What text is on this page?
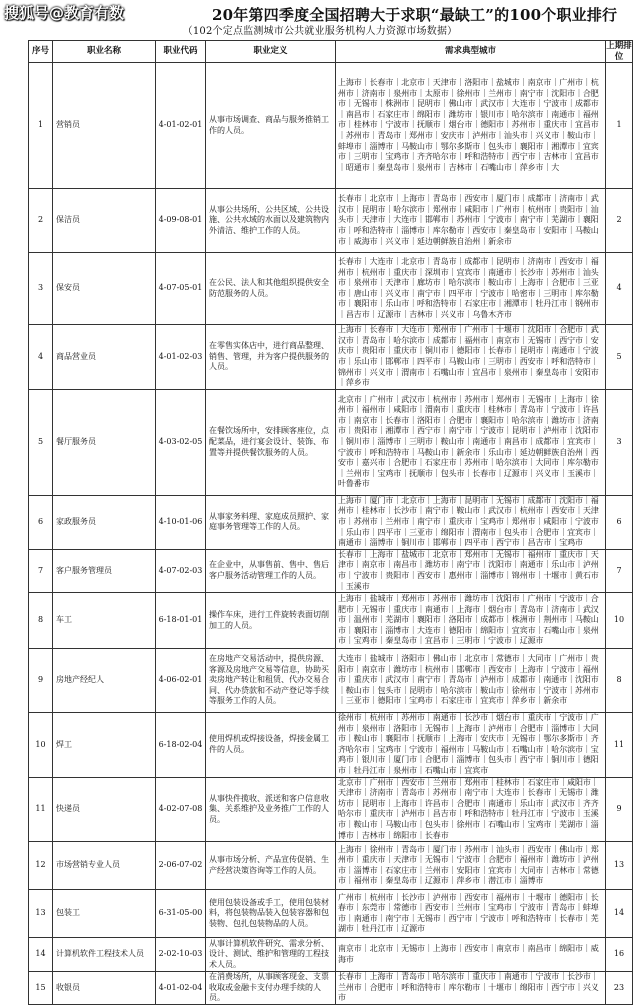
20年第四季度全国招聘大于求职“最缺工”的100个职业排行
搜狐号@教育有数
（102个定点监测城市公共就业服务机构人力资源市场数据）
序号	职业名称	职业代码	职业定义	需求典型城市	上期排位
1	营销员	4-01-02-01	从事市场调查、商品与服务推销工作的人员。	上海市｜长春市｜北京市｜天津市｜洛阳市｜盐城市｜南京市｜广州市｜杭州市｜济南市｜泉州市｜太原市｜徐州市｜兰州市｜南宁市｜沈阳市｜合肥市｜无锡市｜株洲市｜昆明市｜佛山市｜武汉市｜大连市｜宁波市｜成都市｜南昌市｜石家庄市｜绵阳市｜潍坊市｜银川市｜哈尔滨市｜南通市｜福州市｜桂林市｜宁波市｜抚顺市｜烟台市｜德阳市｜苏州市｜重庆市｜宜昌市｜苏州市｜青岛市｜郑州市｜安庆市｜泸州市｜汕头市｜兴义市｜鞍山市｜蚌埠市｜淄博市｜马鞍山市｜鄂尔多斯市｜包头市｜襄阳市｜湘潭市｜宜宾市｜三明市｜宝鸡市｜齐齐哈尔市｜呼和浩特市｜西宁市｜吉林市｜宜昌市｜昭通市｜秦皇岛市｜泉州市｜吉林市｜石嘴山市｜萍乡市｜大	1
2	保洁员	4-09-08-01	从事公共场所、公共区域、公共设施、公共水域的水面以及建筑物内外清洁、维护工作的人员。	长春市｜北京市｜上海市｜青岛市｜西安市｜厦门市｜成都市｜济南市｜武汉市｜昆明市｜哈尔滨市｜郑州市｜咸阳市｜广州市｜杭州市｜贵阳市｜汕头市｜天津市｜大连市｜邯郸市｜苏州市｜宁波市｜南宁市｜芜湖市｜襄阳市｜呼和浩特市｜淄博市｜库尔勒市｜西安市｜秦皇岛市｜安阳市｜马鞍山市｜威海市｜兴义市｜延边朝鲜族自治州｜新余市	2
3	保安员	4-07-05-01	在公民、法人和其他组织提供安全防范服务的人员。	长春市｜大连市｜北京市｜青岛市｜成都市｜昆明市｜济南市｜西安市｜福州市｜杭州市｜重庆市｜深圳市｜宜宾市｜南通市｜长沙市｜苏州市｜汕头市｜泉州市｜天津市｜廊坊市｜哈尔滨市｜鞍山市｜上海市｜合肥市｜三亚市｜唐山市｜兴义市｜南宁市｜四平市｜宁波市｜哈密市｜三明市｜库尔勒市｜襄阳市｜乐山市｜呼和浩特市｜石家庄市｜湘潭市｜牡丹江市｜钢州市｜昌吉市｜辽源市｜吉林市｜兴义市｜乌鲁木齐市	4
4	商品营业员	4-01-02-03	在零售实体店中，进行商品整理、销售、管理，并为客户提供服务的人员。	上海市｜长春市｜大连市｜郑州市｜广州市｜十堰市｜沈阳市｜合肥市｜武汉市｜青岛市｜哈尔滨市｜成都市｜福州市｜南京市｜无锡市｜西宁市｜安庆市｜贵阳市｜重庆市｜铜川市｜德阳市｜长春市｜昆明市｜南通市｜宁波市｜乐山市｜邯郸市｜四平市｜马鞍山市｜三明市｜西安市｜呼和浩特市｜锦州市｜兴义市｜渭南市｜石嘴山市｜宜昌市｜泉州市｜秦皇岛市｜安阳市｜萍乡市	5
5	餐厅服务员	4-03-02-05	在餐饮场所中，安排顾客座位，点配菜品，进行宴会设计、装饰、布置等并提供餐饮服务的人员。	北京市｜广州市｜武汉市｜杭州市｜苏州市｜郑州市｜无锡市｜上海市｜徐州市｜福州市｜咸阳市｜渭南市｜重庆市｜桂林市｜青岛市｜宁波市｜许昌市｜南京市｜长春市｜洛阳市｜合肥市｜襄阳市｜哈尔滨市｜潍坊市｜济南市｜贵阳市｜湘潭市｜西宁市｜南宁市｜宁波市｜昆明市｜泸州市｜沈阳市｜铜川市｜淄博市｜三明市｜鞍山市｜南通市｜南昌市｜成都市｜宜宾市｜宁波市｜呼和浩特市｜马鞍山市｜新余市｜乐山市｜延边朝鲜族自治州｜西安市｜嘉兴市｜合肥市｜石家庄市｜苏州市｜哈尔滨市｜大同市｜库尔勒市｜兰州市｜宝鸡市｜抚顺市｜包头市｜长春市｜辽源市｜兴义市｜玉溪市｜叶鲁番市	3
6	家政服务员	4-10-01-06	从事家务料理、家庭成员照护、家庭事务管理等工作的人员。	上海市｜厦门市｜北京市｜上海市｜昆明市｜无锡市｜成都市｜沈阳市｜福州市｜桂林市｜长沙市｜南宁市｜鞍山市｜武汉市｜杭州市｜西安市｜天津市｜苏州市｜兰州市｜南宁市｜重庆市｜宝鸡市｜郑州市｜咸阳市｜宁波市｜乐山市｜四平市｜三亚市｜绵阳市｜渭南市｜包头市｜合肥市｜宜宾市｜南通市｜淄博市｜铜川市｜邯郸市｜四平市｜西宁市｜昌吉市｜宝鸡市	6
7	客户服务管理员	4-07-02-03	在企业中，从事售前、售中、售后客户服务活动管理工作的人员。	长春市｜上海市｜盐城市｜北京市｜郑州市｜无锡市｜福州市｜重庆市｜天津市｜南京市｜南昌市｜潍坊市｜南宁市｜沈阳市｜南通市｜乐山市｜泸州市｜宁波市｜贵阳市｜西安市｜惠州市｜淄博市｜锦州市｜十堰市｜黄石市｜玉溪市	7
8	车工	6-18-01-01	操作车床，进行工件旋转表面切削加工的人员。	上海市｜盐城市｜郑州市｜苏州市｜潍坊市｜沈阳市｜广州市｜宁波市｜合肥市｜无锡市｜重庆市｜南通市｜上海市｜烟台市｜青岛市｜济南市｜武汉市｜温州市｜芜湖市｜襄阳市｜洛阳市｜成都市｜株洲市｜荆州市｜马鞍山市｜襄阳市｜淄博市｜大连市｜德阳市｜绵阳市｜宜宾市｜石嘴山市｜泉州市｜宝鸡市｜秦皇岛市｜宜昌市｜三明市｜宁波市｜辽源市	10
9	房地产经纪人	4-06-02-01	在房地产交易活动中，提供房源、客源及房地产交易等信息，协助买卖房地产转让和租赁、代办交易合同、代办贷款和不动产登记等手续等服务工作的人员。	大连市｜盐城市｜洛阳市｜佛山市｜北京市｜常德市｜大同市｜广州市｜贵阳市｜南京市｜潍坊市｜杭州市｜邯郸市｜西安市｜上海市｜宁波市｜福州市｜重庆市｜武汉市｜南宁市｜青岛市｜泸州市｜成都市｜南通市｜沈阳市｜鞍山市｜包头市｜昆明市｜哈尔滨市｜鞍山市｜徐州市｜宁波市｜苏州市｜三亚市｜德阳市｜宝鸡市｜石家庄市｜宜宾市｜萍乡市｜新余市	8
10	焊工	6-18-02-04	使用焊机或焊接设备，焊接金属工件的人员。	徐州市｜杭州市｜苏州市｜南通市｜长沙市｜烟台市｜重庆市｜宁波市｜广州市｜泉州市｜洛阳市｜无锡市｜上海市｜泸州市｜合肥市｜淄博市｜大同市｜鞍山市｜襄阳市｜抚顺市｜上海市｜安庆市｜无锡市｜鄂尔多斯市｜齐齐哈尔市｜宝鸡市｜宁波市｜福州市｜马鞍山市｜石嘴山市｜哈尔滨市｜宝鸡市｜银川市｜厦门市｜合肥市｜淄博市｜包头市｜西宁市｜铜川市｜德阳市｜牡丹江市｜泉州市｜石嘴山市｜宜宾市	11
11	快递员	4-02-07-08	从事快件揽收、派送和客户信息收集、关系维护及业务推广工作的人员。	北京市｜广州市｜西安市｜兰州市｜郑州市｜桂林市｜石家庄市｜咸阳市｜天津市｜济南市｜青岛市｜苏州市｜南宁市｜大连市｜长春市｜无锡市｜潍坊市｜昆明市｜上海市｜许昌市｜合肥市｜南通市｜乐山市｜武汉市｜齐齐哈尔市｜重庆市｜泸州市｜昌吉市｜呼和浩特市｜牡丹江市｜宁波市｜玉溪市｜鞍山市｜马鞍山市｜包头市｜徐州市｜石嘴山市｜宝鸡市｜芜湖市｜淄博市｜吉林市｜绵阳市｜长春市	9
12	市场营销专业人员	2-06-07-02	从事市场分析、产品宣传促销、生产经营决策咨询等工作的人员。	上海市｜徐州市｜青岛市｜厦门市｜苏州市｜汕头市｜西安市｜佛山市｜郑州市｜重庆市｜天津市｜无锡市｜宁波市｜合肥市｜福州市｜潍坊市｜泸州市｜淄博市｜石家庄市｜兰州市｜安阳市｜宜宾市｜大同市｜吉林市｜常德市｜福州市｜秦皇岛市｜辽源市｜萍乡市｜潜江市｜淄博市	13
13	包装工	6-31-05-00	使用包装设备或手工，使用包装材料，将包装物品装入包装容器和包装物、包扎包装物品的人员。	广州市｜杭州市｜长沙市｜泸州市｜西安市｜福州市｜十堰市｜德阳市｜长春市｜东莞市｜常德市｜西安市｜兰州市｜宝鸡市｜宁波市｜青岛市｜蚌埠市｜南通市｜南宁市｜无锡市｜西宁市｜宁波市｜呼和浩特市｜长春市｜芜湖市｜牡丹江市｜辽源市	14
14	计算机软件工程技术人员	2-02-10-03	从事计算机软件研究、需求分析、设计、测试、维护和管理的工程技术人员。	南京市｜北京市｜无锡市｜上海市｜西安市｜南京市｜南昌市｜绵阳市｜威海市	16
15	收银员	4-01-02-04	在消费场所，从事顾客现金、支票收取或金融卡支付办理手续的人员。	长春市｜上海市｜青岛市｜哈尔滨市｜重庆市｜南通市｜宁波市｜长沙市｜兰州市｜合肥市｜呼和浩特市｜库尔勒市｜十堰市｜绵阳市｜西宁市｜兴义市	23
